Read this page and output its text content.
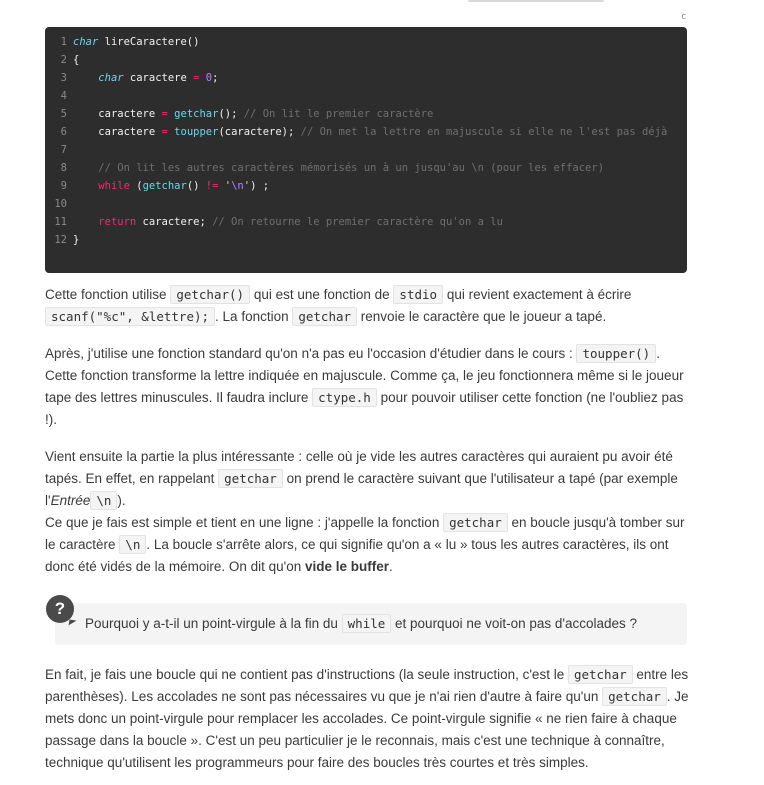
c
1 char lireCaractere()
2 {
3	char caractere = 0;
4
5 caractere = getchar(); // On lit le premier caractère
6 caractere = toupper(caractere); // On met la lettre en majuscule si elle ne l'est pas déjà
7
8	// On lit les autres caractères mémorisés un à un jusqu'au \n (pour les effacer)
9	while (getchar() != '\n') ;
10
11	return caractere; // On retourne le premier caractère qu'on a lu
12 }

Cette fonction utilise getchar() qui est une fonction de stdio qui revient exactement à écrire scanf("%c", &lettre); . La fonction getchar renvoie le caractère que le joueur a tapé.

Après, j'utilise une fonction standard qu'on n'a pas eu l'occasion d'étudier dans le cours : toupper() . Cette fonction transforme la lettre indiquée en majuscule. Comme ça, le jeu fonctionnera même si le joueur tape des lettres minuscules. Il faudra inclure ctype.h pour pouvoir utiliser cette fonction (ne l'oubliez pas !).

Vient ensuite la partie la plus intéressante : celle où je vide les autres caractères qui auraient pu avoir été tapés. En effet, en rappelant getchar on prend le caractère suivant que l'utilisateur a tapé (par exemple l'Entrée \n ).
Ce que je fais est simple et tient en une ligne : j'appelle la fonction getchar en boucle jusqu'à tomber sur le caractère \n . La boucle s'arrête alors, ce qui signifie qu'on a « lu » tous les autres caractères, ils ont donc été vidés de la mémoire. On dit qu'on vide le buffer.

Pourquoi y a-t-il un point-virgule à la fin du while et pourquoi ne voit-on pas d'accolades ?
?

En fait, je fais une boucle qui ne contient pas d'instructions (la seule instruction, c'est le getchar entre les parenthèses). Les accolades ne sont pas nécessaires vu que je n'ai rien d'autre à faire qu'un getchar . Je mets donc un point-virgule pour remplacer les accolades. Ce point-virgule signifie « ne rien faire à chaque passage dans la boucle ». C'est un peu particulier je le reconnais, mais c'est une technique à connaître, technique qu'utilisent les programmeurs pour faire des boucles très courtes et très simples.
